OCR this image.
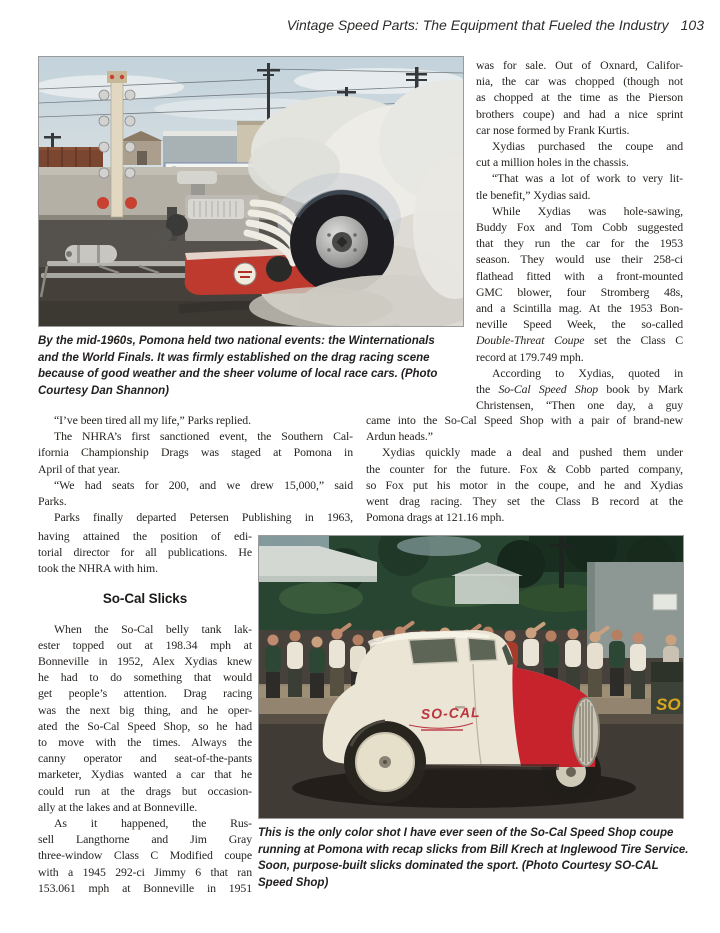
Vintage Speed Parts: The Equipment that Fueled the Industry 103
By the mid-1960s, Pomona held two national events: the Winternationals and the World Finals. It was firmly established on the drag racing scene because of good weather and the sheer volume of local race cars. (Photo Courtesy Dan Shannon)
was for sale. Out of Oxnard, Califor-
nia, the car was chopped (though not
as chopped at the time as the Pierson
brothers coupe) and had a nice sprint
car nose formed by Frank Kurtis.
Xydias purchased the coupe and
cut a million holes in the chassis.
“That was a lot of work to very lit-
tle benefit,” Xydias said.
While Xydias was hole-sawing,
Buddy Fox and Tom Cobb suggested
that they run the car for the 1953
season. They would use their 258-ci
flathead fitted with a front-mounted
GMC blower, four Stromberg 48s,
and a Scintilla mag. At the 1953 Bon-
neville Speed Week, the so-called
Double-Threat Coupe set the Class C
record at 179.749 mph.
According to Xydias, quoted in
the So-Cal Speed Shop book by Mark
Christensen, “Then one day, a guy
“I’ve been tired all my life,” Parks replied.
The NHRA’s first sanctioned event, the Southern Cal-
ifornia Championship Drags was staged at Pomona in
April of that year.
“We had seats for 200, and we drew 15,000,” said
Parks.
Parks finally departed Petersen Publishing in 1963,
came into the So-Cal Speed Shop with a pair of brand-new
Ardun heads.”
Xydias quickly made a deal and pushed them under
the counter for the future. Fox & Cobb parted company,
so Fox put his motor in the coupe, and he and Xydias
went drag racing. They set the Class B record at the
Pomona drags at 121.16 mph.
having attained the position of edi-
torial director for all publications. He
took the NHRA with him.
So-Cal Slicks
When the So-Cal belly tank lak-
ester topped out at 198.34 mph at
Bonneville in 1952, Alex Xydias knew
he had to do something that would
get people’s attention. Drag racing
was the next big thing, and he oper-
ated the So-Cal Speed Shop, so he had
to move with the times. Always the
canny operator and seat-of-the-pants
marketer, Xydias wanted a car that he
could run at the drags but occasion-
ally at the lakes and at Bonneville.
As it happened, the Rus-
sell Langthorne and Jim Gray
three-window Class C Modified coupe
with a 1945 292-ci Jimmy 6 that ran
153.061 mph at Bonneville in 1951
SO
SO-CAL
This is the only color shot I have ever seen of the So-Cal Speed Shop coupe running at Pomona with recap slicks from Bill Krech at Inglewood Tire Service. Soon, purpose-built slicks dominated the sport. (Photo Courtesy SO-CAL Speed Shop)
